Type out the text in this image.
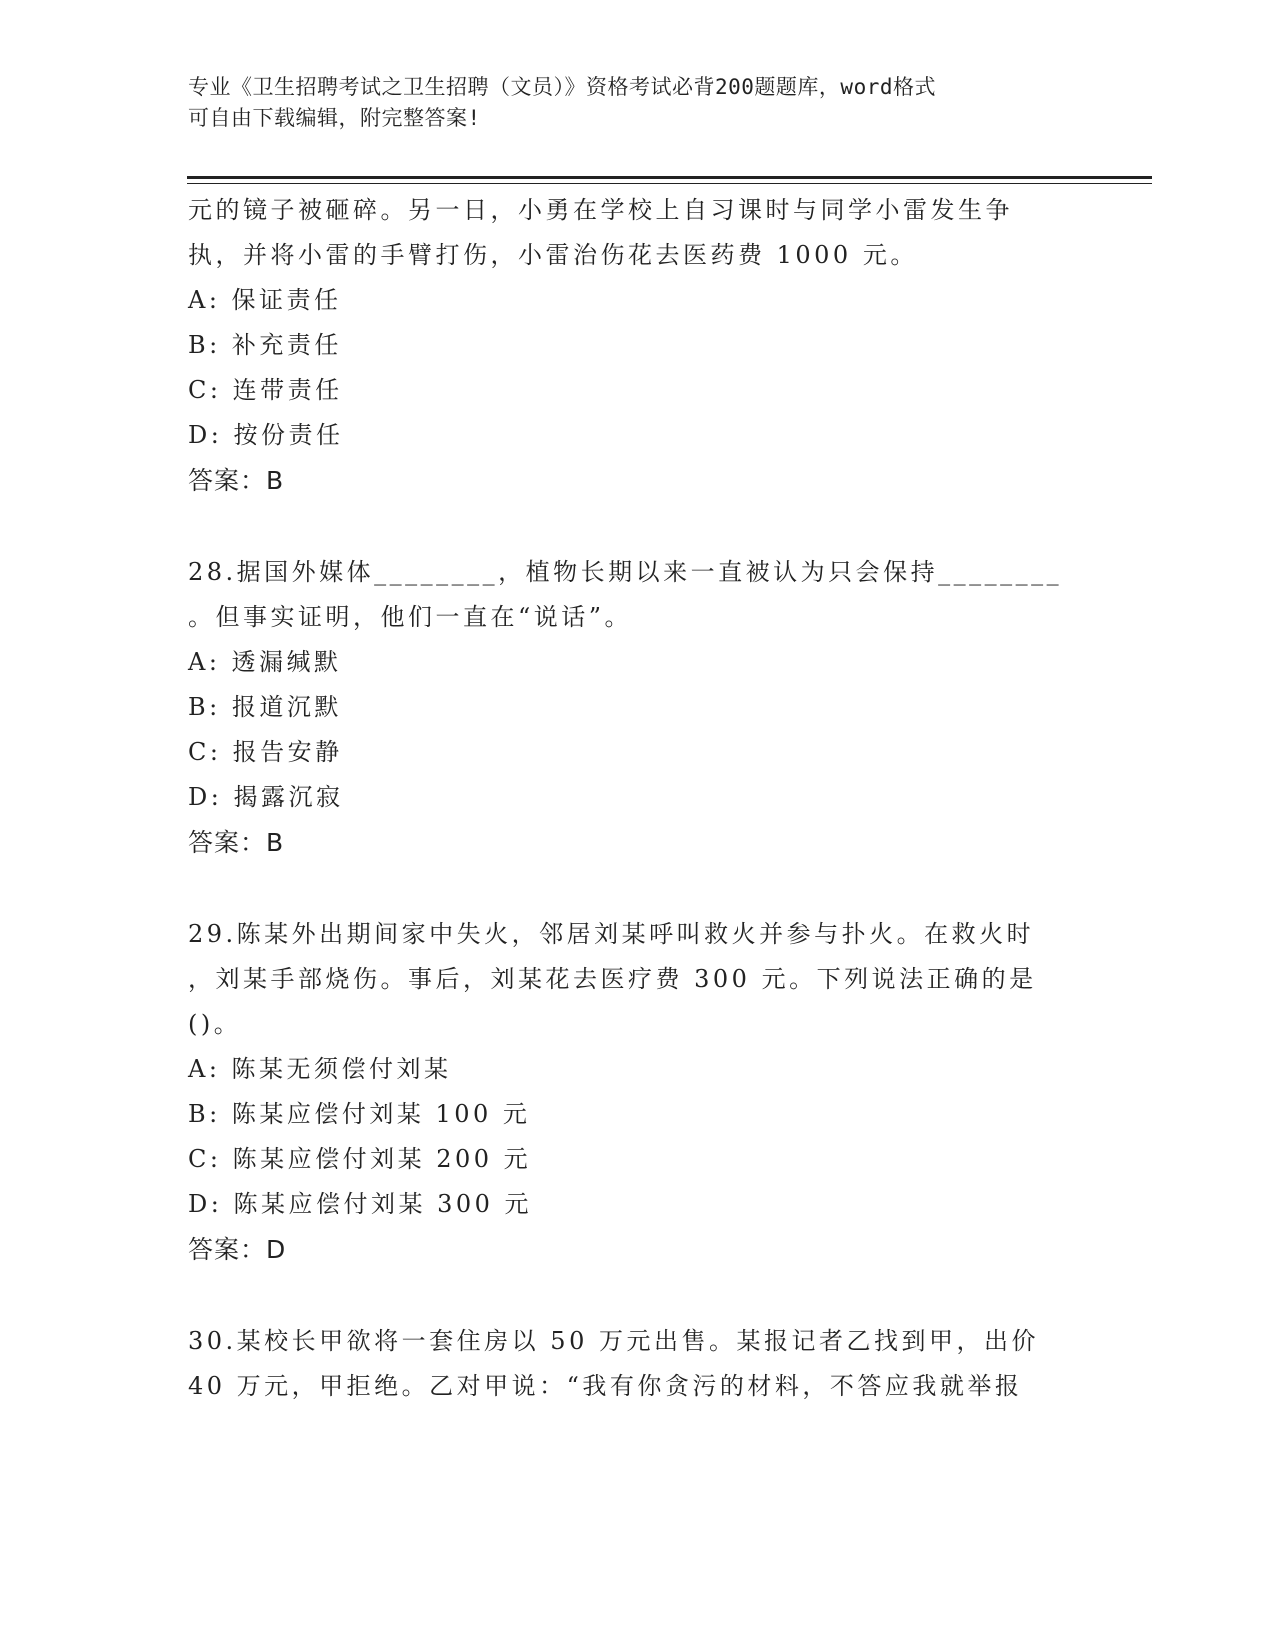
专业《卫生招聘考试之卫生招聘（文员）》资格考试必背200题题库，word格式
可自由下载编辑，附完整答案!
元的镜子被砸碎。另一日，小勇在学校上自习课时与同学小雷发生争
执，并将小雷的手臂打伤，小雷治伤花去医药费 1000 元。
A: 保证责任
B: 补充责任
C: 连带责任
D: 按份责任
答案：B
28.据国外媒体________，植物长期以来一直被认为只会保持________
。但事实证明，他们一直在“说话”。
A: 透漏缄默
B: 报道沉默
C: 报告安静
D: 揭露沉寂
答案：B
29.陈某外出期间家中失火，邻居刘某呼叫救火并参与扑火。在救火时
，刘某手部烧伤。事后，刘某花去医疗费 300 元。下列说法正确的是
()。
A: 陈某无须偿付刘某
B: 陈某应偿付刘某 100 元
C: 陈某应偿付刘某 200 元
D: 陈某应偿付刘某 300 元
答案：D
30.某校长甲欲将一套住房以 50 万元出售。某报记者乙找到甲，出价
40 万元，甲拒绝。乙对甲说：“我有你贪污的材料，不答应我就举报
